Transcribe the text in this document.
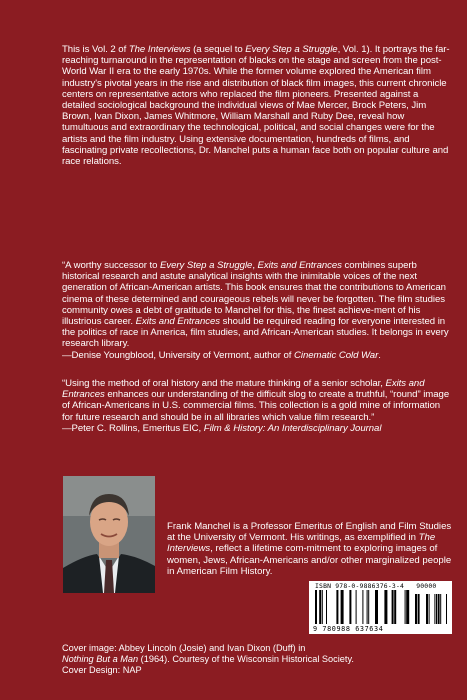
This is Vol. 2 of The Interviews (a sequel to Every Step a Struggle, Vol. 1). It portrays the far-reaching turnaround in the representation of blacks on the stage and screen from the post-World War II era to the early 1970s. While the former volume explored the American film industry's pivotal years in the rise and distribution of black film images, this current chronicle centers on representative actors who replaced the film pioneers. Presented against a detailed sociological background the individual views of Mae Mercer, Brock Peters, Jim Brown, Ivan Dixon, James Whitmore, William Marshall and Ruby Dee, reveal how tumultuous and extraordinary the technological, political, and social changes were for the artists and the film industry. Using extensive documentation, hundreds of films, and fascinating private recollections, Dr. Manchel puts a human face both on popular culture and race relations.

“A worthy successor to Every Step a Struggle, Exits and Entrances combines superb historical research and astute analytical insights with the inimitable voices of the next generation of African-American artists. This book ensures that the contributions to American cinema of these determined and courageous rebels will never be forgotten. The film studies community owes a debt of gratitude to Manchel for this, the finest achieve-ment of his illustrious career. Exits and Entrances should be required reading for everyone interested in the politics of race in America, film studies, and African-American studies. It belongs in every research library.

—Denise Youngblood, University of Vermont, author of Cinematic Cold War.

“Using the method of oral history and the mature thinking of a senior scholar, Exits and Entrances enhances our understanding of the difficult slog to create a truthful, “round” image of African-Americans in U.S. commercial films. This collection is a gold mine of information for future research and should be in all libraries which value film research.”

—Peter C. Rollins, Emeritus EIC, Film & History: An Interdisciplinary Journal

Frank Manchel is a Professor Emeritus of English and Film Studies at the University of Vermont. His writings, as exemplified in The Interviews, reflect a lifetime com-mitment to exploring images of women, Jews, African-Americans and/or other marginalized people in American Film History.

ISBN 978-0-9886376-3-4 90000
9 780988 637634

Cover image: Abbey Lincoln (Josie) and Ivan Dixon (Duff) in
Nothing But a Man (1964). Courtesy of the Wisconsin Historical Society.
Cover Design: NAP
